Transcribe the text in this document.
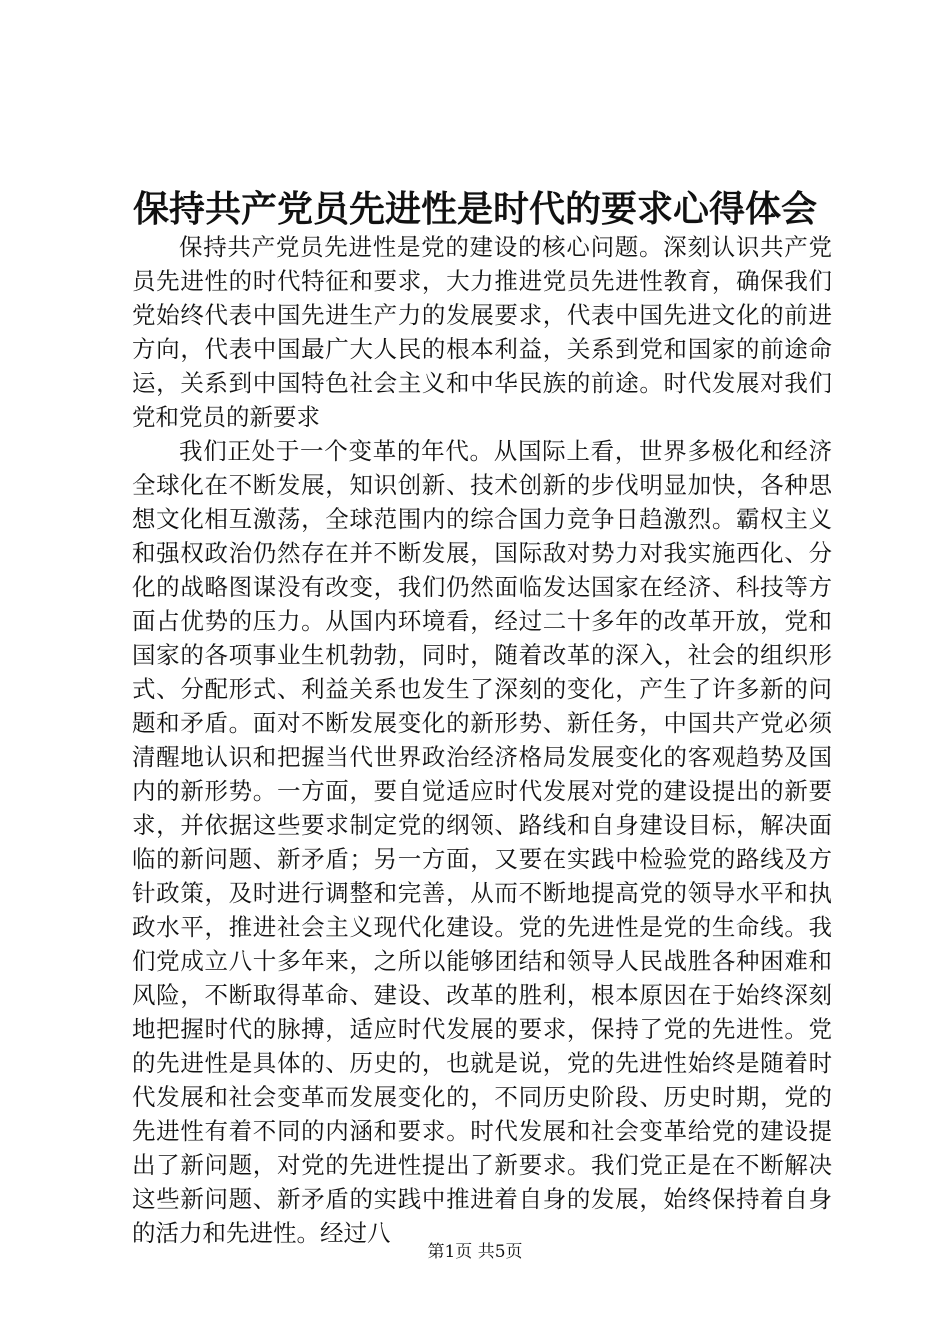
保持共产党员先进性是时代的要求心得体会

保持共产党员先进性是党的建设的核心问题。深刻认识共产党员先进性的时代特征和要求，大力推进党员先进性教育，确保我们党始终代表中国先进生产力的发展要求，代表中国先进文化的前进方向，代表中国最广大人民的根本利益，关系到党和国家的前途命运，关系到中国特色社会主义和中华民族的前途。时代发展对我们党和党员的新要求

我们正处于一个变革的年代。从国际上看，世界多极化和经济全球化在不断发展，知识创新、技术创新的步伐明显加快，各种思想文化相互激荡，全球范围内的综合国力竞争日趋激烈。霸权主义和强权政治仍然存在并不断发展，国际敌对势力对我实施西化、分化的战略图谋没有改变，我们仍然面临发达国家在经济、科技等方面占优势的压力。从国内环境看，经过二十多年的改革开放，党和国家的各项事业生机勃勃，同时，随着改革的深入，社会的组织形式、分配形式、利益关系也发生了深刻的变化，产生了许多新的问题和矛盾。面对不断发展变化的新形势、新任务，中国共产党必须清醒地认识和把握当代世界政治经济格局发展变化的客观趋势及国内的新形势。一方面，要自觉适应时代发展对党的建设提出的新要求，并依据这些要求制定党的纲领、路线和自身建设目标，解决面临的新问题、新矛盾；另一方面，又要在实践中检验党的路线及方针政策，及时进行调整和完善，从而不断地提高党的领导水平和执政水平，推进社会主义现代化建设。党的先进性是党的生命线。我们党成立八十多年来，之所以能够团结和领导人民战胜各种困难和风险，不断取得革命、建设、改革的胜利，根本原因在于始终深刻地把握时代的脉搏，适应时代发展的要求，保持了党的先进性。党的先进性是具体的、历史的，也就是说，党的先进性始终是随着时代发展和社会变革而发展变化的，不同历史阶段、历史时期，党的先进性有着不同的内涵和要求。时代发展和社会变革给党的建设提出了新问题，对党的先进性提出了新要求。我们党正是在不断解决这些新问题、新矛盾的实践中推进着自身的发展，始终保持着自身的活力和先进性。经过八

第1页 共5页
